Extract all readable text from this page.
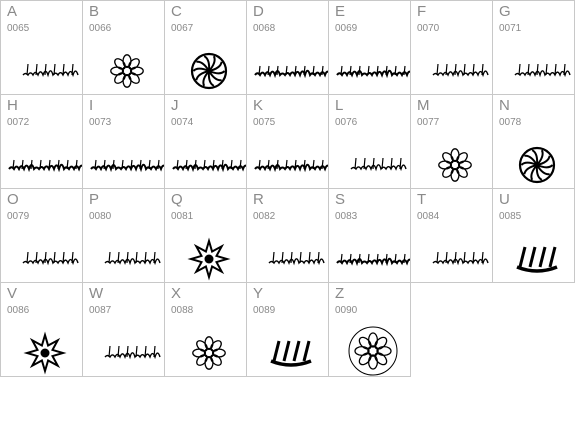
A
0065
B
0066
C
0067
D
0068
E
0069
F
0070
G
0071
H
0072
I
0073
J
0074
K
0075
L
0076
M
0077
N
0078
O
0079
P
0080
Q
0081
R
0082
S
0083
T
0084
U
0085
V
0086
W
0087
X
0088
Y
0089
Z
0090
